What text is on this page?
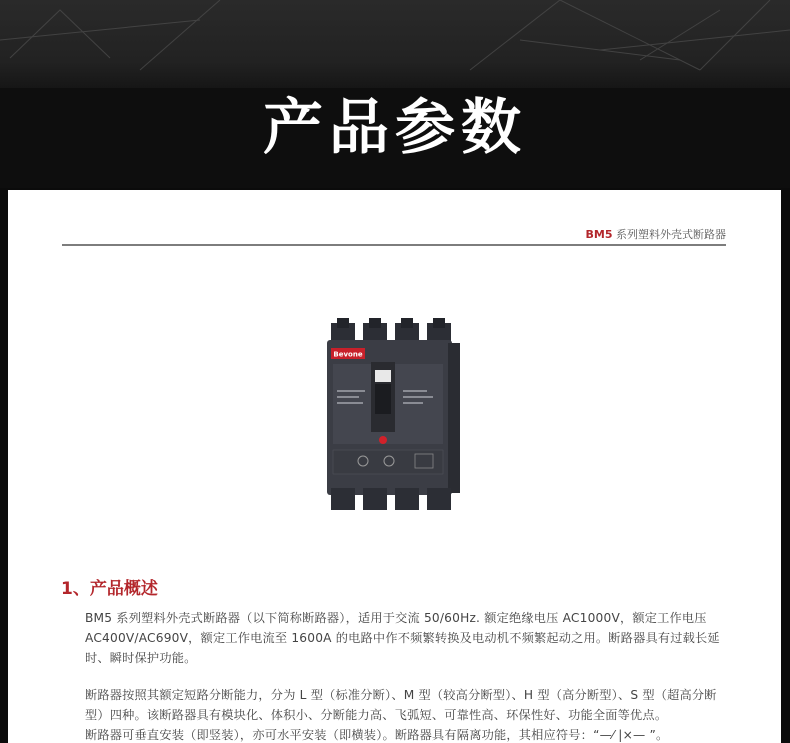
产品参数
BM5 系列塑料外壳式断路器
Bevone
1、产品概述
BM5 系列塑料外壳式断路器（以下简称断路器），适用于交流 50/60Hz. 额定绝缘电压 AC1000V，额定工作电压 AC400V/AC690V，额定工作电流至 1600A 的电路中作不频繁转换及电动机不频繁起动之用。断路器具有过载长延时、瞬时保护功能。
断路器按照其额定短路分断能力，分为 L 型（标准分断）、M 型（较高分断型）、H 型（高分断型）、S 型（超高分断型）四种。该断路器具有模块化、体积小、分断能力高、飞弧短、可靠性高、环保性好、功能全面等优点。
断路器可垂直安装（即竖装），亦可水平安装（即横装）。断路器具有隔离功能，其相应符号：“—⁄ |×— ”。
